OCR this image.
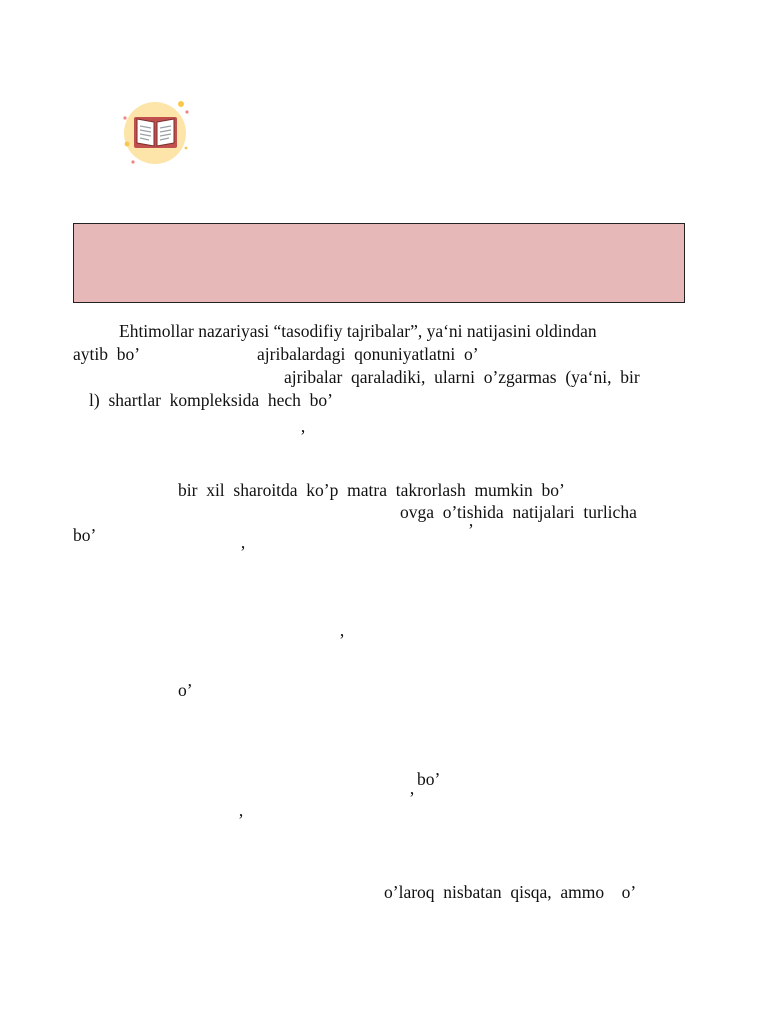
Ehtimollar nazariyasi “tasodifiy tajribalar”, ya‘ni natijasini oldindan
aytib  bo’	ajribalardagi  qonuniyatlatni  o’
ajribalar  qaraladiki,  ularni  o’zgarmas  (ya‘ni,  bir
l)  shartlar  kompleksida  hech  bo’
’
bir  xil  sharoitda  ko’p  matra  takrorlash  mumkin  bo’
ovga  o’tishida  natijalari  turlicha
bo’	’
’
’
o’
bo’
’
’
o’laroq  nisbatan  qisqa,  ammo    o’
